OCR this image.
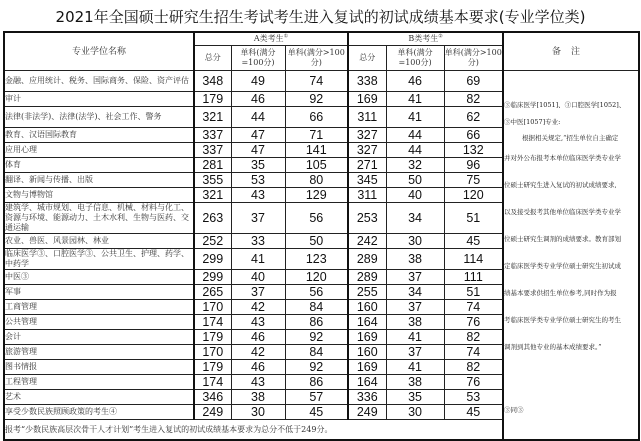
2021年全国硕士研究生招生考试考生进入复试的初试成绩基本要求(专业学位类)
专业学位名称	A类考生①			B类考生②			备注
	总分	单科(满分=100分)	单科(满分>100分)	总分	单科(满分=100分)	单科(满分>100分)	
金融、应用统计、税务、国际商务、保险、资产评估	348	49	74	338	46	69	
③临床医学[1051]、③口腔医学[1052]、
③中医[1057]专业:
根据相关规定,“招生单位自主确定
并对外公布报考本单位临床医学类专业学
位硕士研究生进入复试的初试成绩要求,
以及接受报考其他单位临床医学类专业学
位硕士研究生调剂的成绩要求。教育部划
定临床医学类专业学位硕士研究生初试成
绩基本要求供招生单位参考,同时作为报
考临床医学类专业学位硕士研究生的考生
调剂到其他专业的基本成绩要求。”
③同③

审计	179	46	92	169	41	82	
法律(非法学)、法律(法学)、社会工作、警务	321	44	66	311	41	62	
教育、汉语国际教育	337	47	71	327	44	66	
应用心理	337	47	141	327	44	132	
体育	281	35	105	271	32	96	
翻译、新闻与传播、出版	355	53	80	345	50	75	
文物与博物馆	321	43	129	311	40	120	
建筑学、城市规划、电子信息、机械、材料与化工、资源与环境、能源动力、土木水利、生物与医药、交通运输	263	37	56	253	34	51	
农业、兽医、风景园林、林业	252	33	50	242	30	45	
临床医学③、口腔医学③、公共卫生、护理、药学、中药学	299	41	123	289	38	114	
中医③	299	40	120	289	37	111	
军事	265	37	56	255	34	51	
工商管理	170	42	84	160	37	74	
公共管理	174	43	86	164	38	76	
会计	179	46	92	169	41	82	
旅游管理	170	42	84	160	37	74	
图书情报	179	46	92	169	41	82	
工程管理	174	43	86	164	38	76	
艺术	346	38	57	336	35	53	
享受少数民族照顾政策的考生④	249	30	45	249	30	45	
报考“少数民族高层次骨干人才计划”考生进入复试的初试成绩基本要求为总分不低于249分。							
